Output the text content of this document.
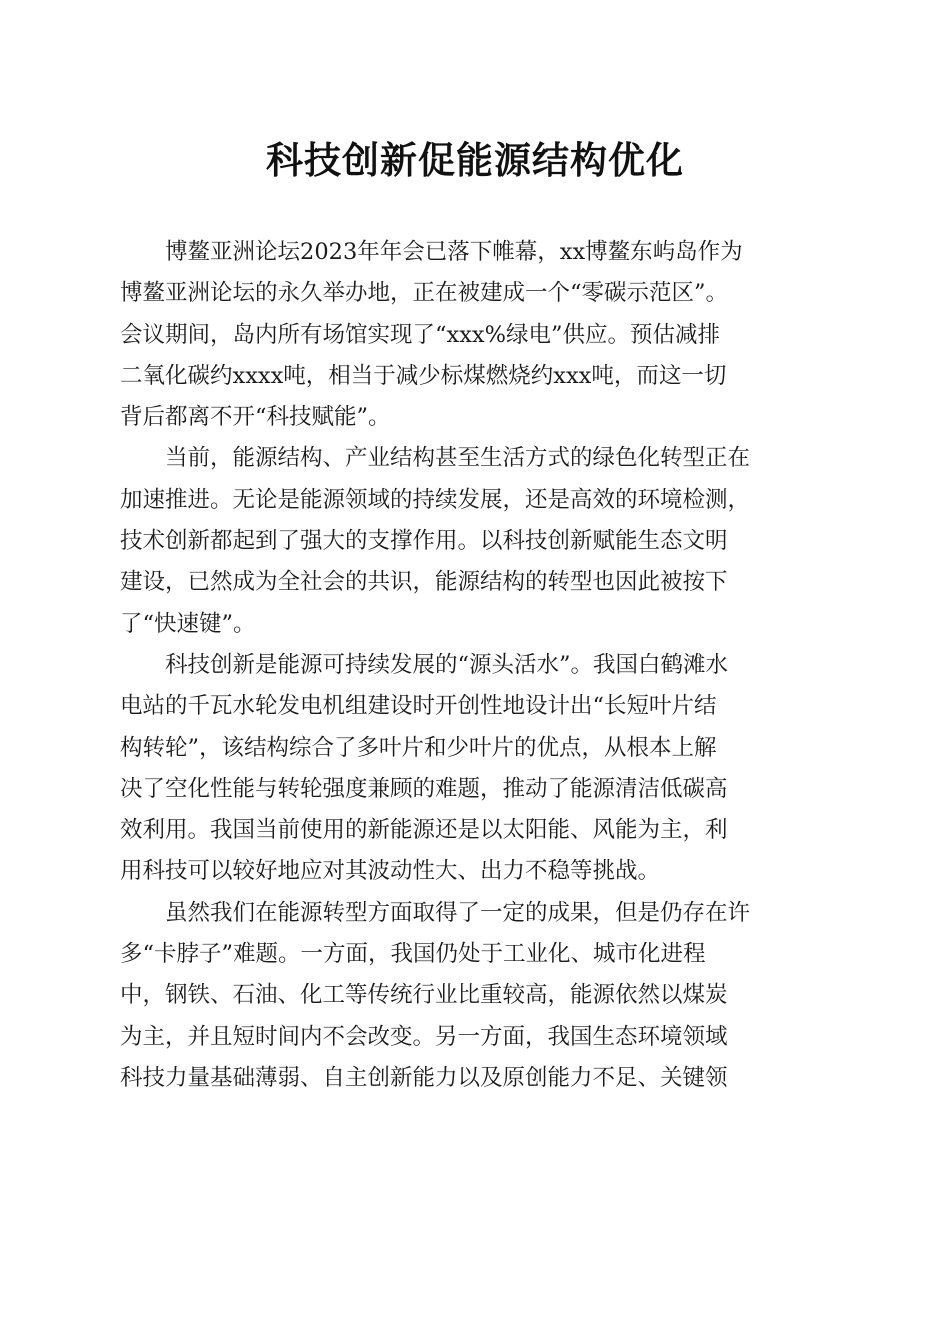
科技创新促能源结构优化

博鳌亚洲论坛2023年年会已落下帷幕，xx博鳌东屿岛作为
博鳌亚洲论坛的永久举办地，正在被建成一个“零碳示范区”。
会议期间，岛内所有场馆实现了“xxx%绿电”供应。预估减排
二氧化碳约xxxx吨，相当于减少标煤燃烧约xxx吨，而这一切
背后都离不开“科技赋能”。

当前，能源结构、产业结构甚至生活方式的绿色化转型正在
加速推进。无论是能源领域的持续发展，还是高效的环境检测，
技术创新都起到了强大的支撑作用。以科技创新赋能生态文明
建设，已然成为全社会的共识，能源结构的转型也因此被按下
了“快速键”。

科技创新是能源可持续发展的“源头活水”。我国白鹤滩水
电站的千瓦水轮发电机组建设时开创性地设计出“长短叶片结
构转轮”，该结构综合了多叶片和少叶片的优点，从根本上解
决了空化性能与转轮强度兼顾的难题，推动了能源清洁低碳高
效利用。我国当前使用的新能源还是以太阳能、风能为主，利
用科技可以较好地应对其波动性大、出力不稳等挑战。

虽然我们在能源转型方面取得了一定的成果，但是仍存在许
多“卡脖子”难题。一方面，我国仍处于工业化、城市化进程
中，钢铁、石油、化工等传统行业比重较高，能源依然以煤炭
为主，并且短时间内不会改变。另一方面，我国生态环境领域
科技力量基础薄弱、自主创新能力以及原创能力不足、关键领
